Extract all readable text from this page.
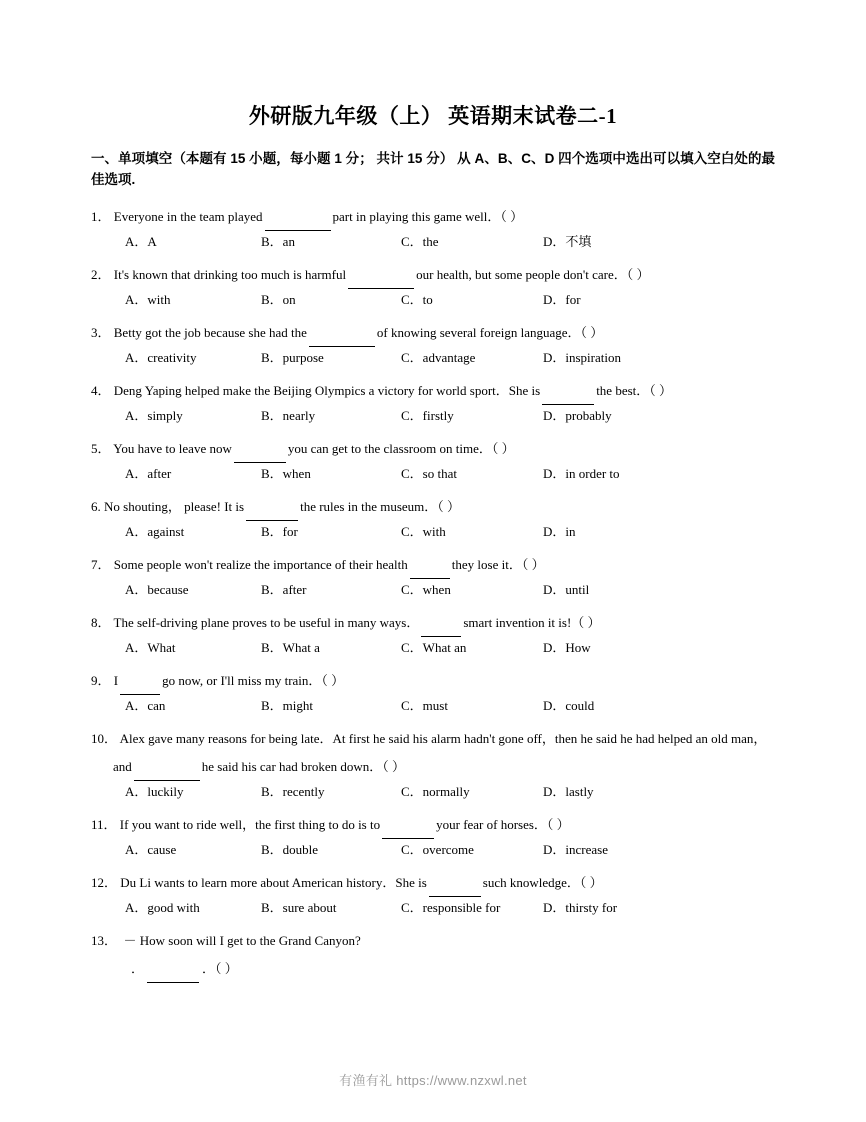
外研版九年级（上） 英语期末试卷二-1
一、单项填空（本题有 15 小题，每小题 1 分； 共计 15 分） 从 A、B、C、D 四个选项中选出可以填入空白处的最佳选项.
1． Everyone in the team played	part in playing this game well．（ ）
A．A	B．an	C．the	D．不填
2． It's known that drinking too much is harmful	our health, but some people don't care．（ ）
A．with	B．on	C．to	D．for
3． Betty got the job because she had the	of knowing several foreign language．（ ）
A．creativity	B．purpose	C．advantage	D．inspiration
4． Deng Yaping helped make the Beijing Olympics a victory for world sport．She is	the best．（ ）
A．simply	B．nearly	C．firstly	D．probably
5． You have to leave now	you can get to the classroom on time．（ ）
A．after	B．when	C．so that	D．in order to
6. No shouting， please! It is	the rules in the museum．（ ）
A．against	B．for	C．with	D．in
7． Some people won't realize the importance of their health	they lose it．（ ）
A．because	B．after	C．when	D．until
8． The self-driving plane proves to be useful in many ways．	smart invention it is!（ ）
A．What	B．What a	C．What an	D．How
9． I	go now, or I'll miss my train．（ ）
A．can	B．might	C．must	D．could
10． Alex gave many reasons for being late．At first he said his alarm hadn't gone off，then he said he had helped an old man，and	he said his car had broken down．（ ）
A．luckily	B．recently	C．normally	D．lastly
11． If you want to ride well，the first thing to do is to	your fear of horses．（ ）
A．cause	B．double	C．overcome	D．increase
12． Du Li wants to learn more about American history．She is	such knowledge．（ ）
A．good with	B．sure about	C．responsible for	D．thirsty for
13． － How soon will I get to the Grand Canyon?
．	．（ ）
有渔有礼 https://www.nzxwl.net
